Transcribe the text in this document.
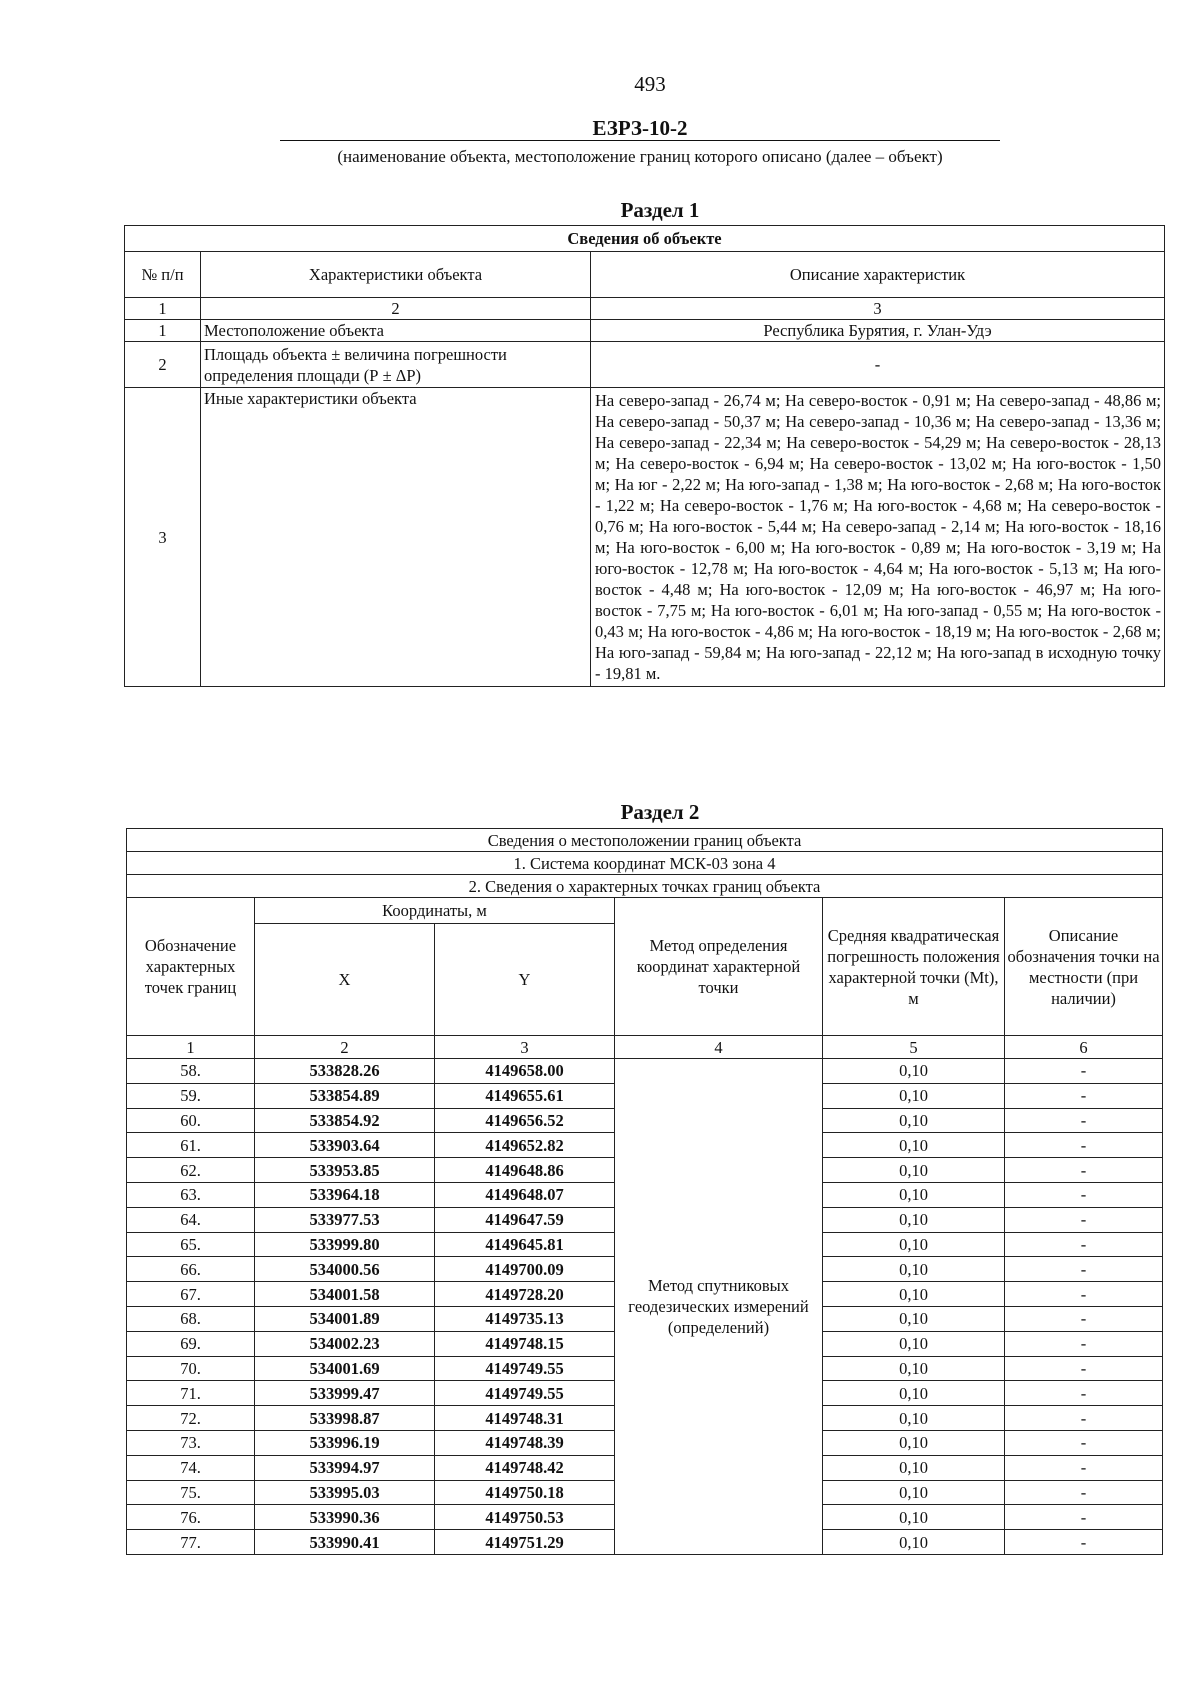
493
ЕЗРЗ-10-2
(наименование объекта, местоположение границ которого описано (далее – объект)
Раздел 1
Сведения об объекте		
№ п/п	Характеристики объекта	Описание характеристик
1	2	3
1	Местоположение объекта	Республика Бурятия, г. Улан-Удэ
2	Площадь объекта ± величина погрешности определения площади (Р ± ΔР)	-
3	Иные характеристики объекта	На северо-запад - 26,74 м; На северо-восток - 0,91 м; На северо-запад - 48,86 м; На северо-запад - 50,37 м; На северо-запад - 10,36 м; На северо-запад - 13,36 м; На северо-запад - 22,34 м; На северо-восток - 54,29 м; На северо-восток - 28,13 м; На северо-восток - 6,94 м; На северо-восток - 13,02 м; На юго-восток - 1,50 м; На юг - 2,22 м; На юго-запад - 1,38 м; На юго-восток - 2,68 м; На юго-восток - 1,22 м; На северо-восток - 1,76 м; На юго-восток - 4,68 м; На северо-восток - 0,76 м; На юго-восток - 5,44 м; На северо-запад - 2,14 м; На юго-восток - 18,16 м; На юго-восток - 6,00 м; На юго-восток - 0,89 м; На юго-восток - 3,19 м; На юго-восток - 12,78 м; На юго-восток - 4,64 м; На юго-восток - 5,13 м; На юго-восток - 4,48 м; На юго-восток - 12,09 м; На юго-восток - 46,97 м; На юго-восток - 7,75 м; На юго-восток - 6,01 м; На юго-запад - 0,55 м; На юго-восток - 0,43 м; На юго-восток - 4,86 м; На юго-восток - 18,19 м; На юго-восток - 2,68 м; На юго-запад - 59,84 м; На юго-запад - 22,12 м; На юго-запад в исходную точку - 19,81 м.
Раздел 2
Сведения о местоположении границ объекта					
1. Система координат МСК-03 зона 4					
2. Сведения о характерных точках границ объекта					
Обозначение характерных точек границ	Координаты, м		Метод определения координат характерной точки	Средняя квадратическая погрешность положения характерной точки (Mt), м	Описание обозначения точки на местности (при наличии)
	X	Y			
1	2	3	4	5	6
58.	533828.26	4149658.00	Метод спутниковых геодезических измерений (определений)	0,10	-
59.	533854.89	4149655.61		0,10	-
60.	533854.92	4149656.52		0,10	-
61.	533903.64	4149652.82		0,10	-
62.	533953.85	4149648.86		0,10	-
63.	533964.18	4149648.07		0,10	-
64.	533977.53	4149647.59		0,10	-
65.	533999.80	4149645.81		0,10	-
66.	534000.56	4149700.09		0,10	-
67.	534001.58	4149728.20		0,10	-
68.	534001.89	4149735.13		0,10	-
69.	534002.23	4149748.15		0,10	-
70.	534001.69	4149749.55		0,10	-
71.	533999.47	4149749.55		0,10	-
72.	533998.87	4149748.31		0,10	-
73.	533996.19	4149748.39		0,10	-
74.	533994.97	4149748.42		0,10	-
75.	533995.03	4149750.18		0,10	-
76.	533990.36	4149750.53		0,10	-
77.	533990.41	4149751.29		0,10	-
